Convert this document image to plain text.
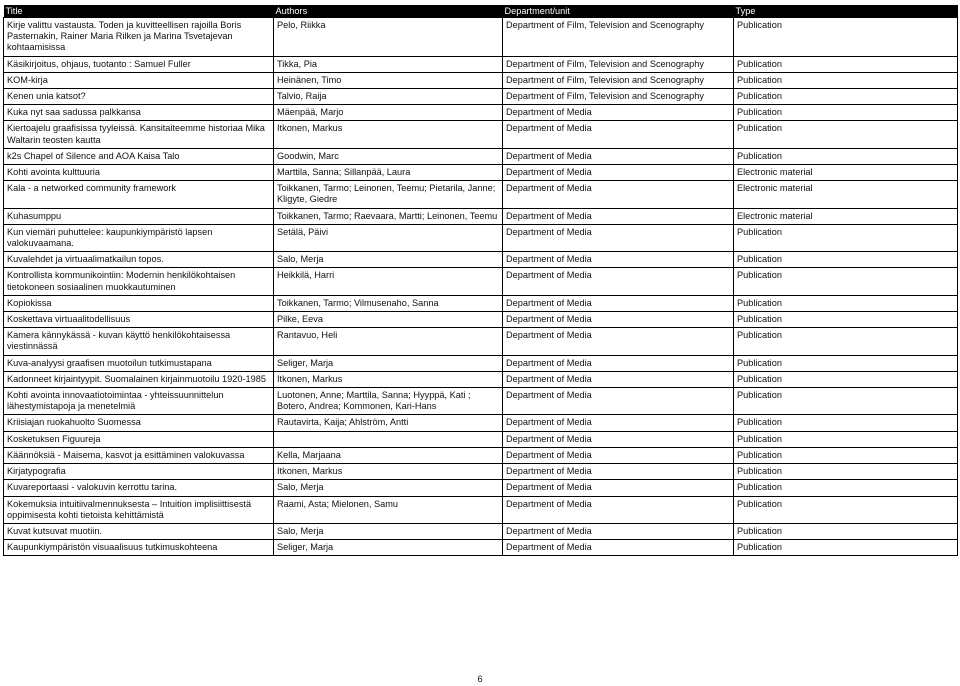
Title	Authors	Department/unit	Type
Kirje valittu vastausta. Toden ja kuvitteellisen rajoilla Boris Pasternakin, Rainer Maria Rilken ja Marina Tsvetajevan kohtaamisissa	Pelo, Riikka	Department of Film, Television and Scenography	Publication
Käsikirjoitus, ohjaus, tuotanto : Samuel Fuller	Tikka, Pia	Department of Film, Television and Scenography	Publication
KOM-kirja	Heinänen, Timo	Department of Film, Television and Scenography	Publication
Kenen unia katsot?	Talvio, Raija	Department of Film, Television and Scenography	Publication
Kuka nyt saa sadussa palkkansa	Mäenpää, Marjo	Department of Media	Publication
Kiertoajelu graafisissa tyyleissä. Kansitaiteemme historiaa Mika Waltarin teosten kautta	Itkonen, Markus	Department of Media	Publication
k2s Chapel of Silence and AOA Kaisa Talo	Goodwin, Marc	Department of Media	Publication
Kohti avointa kulttuuria	Marttila, Sanna; Sillanpää, Laura	Department of Media	Electronic material
Kala - a networked community framework	Toikkanen, Tarmo; Leinonen, Teemu; Pietarila, Janne; Kligyte, Giedre	Department of Media	Electronic material
Kuhasumppu	Toikkanen, Tarmo; Raevaara, Martti; Leinonen, Teemu	Department of Media	Electronic material
Kun viemäri puhuttelee: kaupunkiympäristö lapsen valokuvaamana.	Setälä, Päivi	Department of Media	Publication
Kuvalehdet ja virtuaalimatkailun topos.	Salo, Merja	Department of Media	Publication
Kontrollista kommunikointiin: Modernin henkilökohtaisen tietokoneen sosiaalinen muokkautuminen	Heikkilä, Harri	Department of Media	Publication
Kopiokissa	Toikkanen, Tarmo; Vilmusenaho, Sanna	Department of Media	Publication
Koskettava virtuaalitodellisuus	Pilke, Eeva	Department of Media	Publication
Kamera kännykässä - kuvan käyttö henkilökohtaisessa viestinnässä	Rantavuo, Heli	Department of Media	Publication
Kuva-analyysi graafisen muotoilun tutkimustapana	Seliger, Marja	Department of Media	Publication
Kadonneet kirjaintyypit. Suomalainen kirjainmuotoilu 1920-1985	Itkonen, Markus	Department of Media	Publication
Kohti avointa innovaatiotoimintaa - yhteissuunnittelun lähestymistapoja ja menetelmiä	Luotonen, Anne; Marttila, Sanna; Hyyppä, Kati ; Botero, Andrea; Kommonen, Kari-Hans	Department of Media	Publication
Kriisiajan ruokahuolto Suomessa	Rautavirta, Kaija; Ahlström, Antti	Department of Media	Publication
Kosketuksen Figuureja		Department of Media	Publication
Käännöksiä - Maisema, kasvot ja esittäminen valokuvassa	Kella, Marjaana	Department of Media	Publication
Kirjatypografia	Itkonen, Markus	Department of Media	Publication
Kuvareportaasi - valokuvin kerrottu tarina.	Salo, Merja	Department of Media	Publication
Kokemuksia intuitiivalmennuksesta – Intuition implisiittisestä oppimisesta kohti tietoista kehittämistä	Raami, Asta; Mielonen, Samu	Department of Media	Publication
Kuvat kutsuvat muotiin.	Salo, Merja	Department of Media	Publication
Kaupunkiympäristön visuaalisuus tutkimuskohteena	Seliger, Marja	Department of Media	Publication
6
